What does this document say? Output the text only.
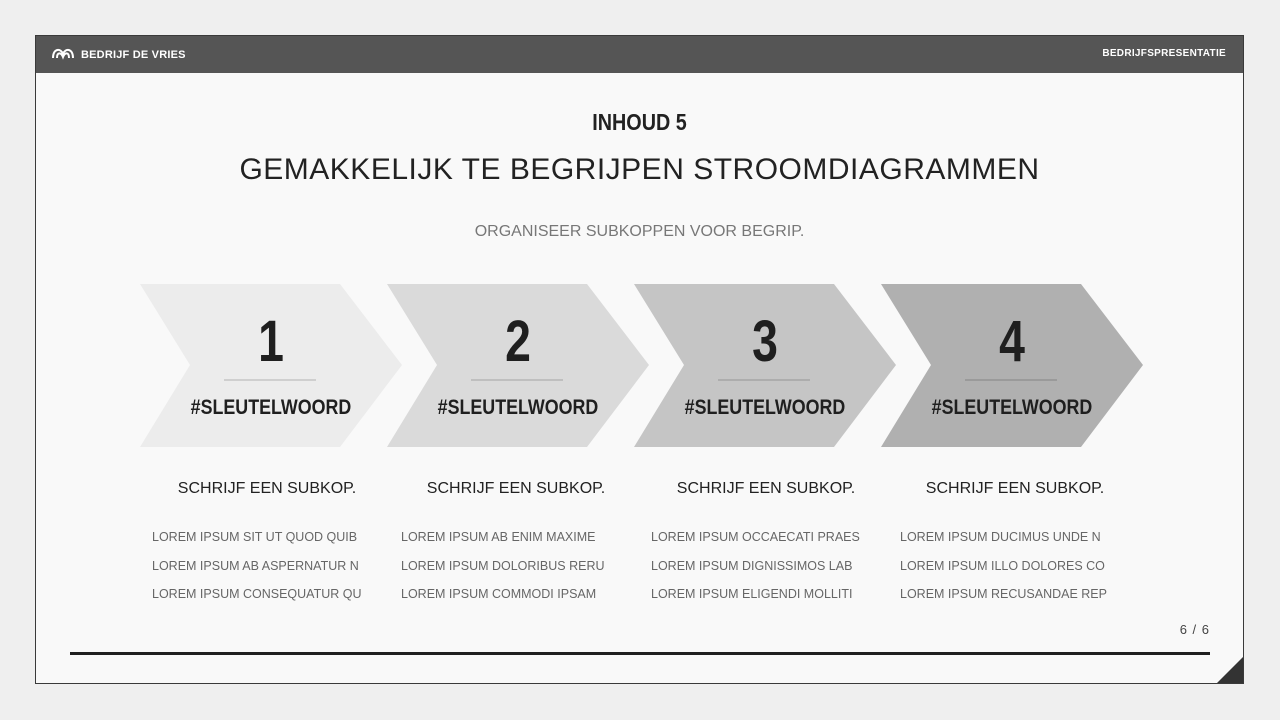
BEDRIJF DE VRIES	BEDRIJFSPRESENTATIE
INHOUD 5
GEMAKKELIJK TE BEGRIJPEN STROOMDIAGRAMMEN
ORGANISEER SUBKOPPEN VOOR BEGRIP.
1
#SLEUTELWOORD
2
#SLEUTELWOORD
3
#SLEUTELWOORD
4
#SLEUTELWOORD
SCHRIJF EEN SUBKOP.
LOREM IPSUM SIT UT QUOD QUIB
LOREM IPSUM AB ASPERNATUR N
LOREM IPSUM CONSEQUATUR QU
SCHRIJF EEN SUBKOP.
LOREM IPSUM AB ENIM MAXIME
LOREM IPSUM DOLORIBUS RERU
LOREM IPSUM COMMODI IPSAM
SCHRIJF EEN SUBKOP.
LOREM IPSUM OCCAECATI PRAES
LOREM IPSUM DIGNISSIMOS LAB
LOREM IPSUM ELIGENDI MOLLITI
SCHRIJF EEN SUBKOP.
LOREM IPSUM DUCIMUS UNDE N
LOREM IPSUM ILLO DOLORES CO
LOREM IPSUM RECUSANDAE REP
6 / 6
